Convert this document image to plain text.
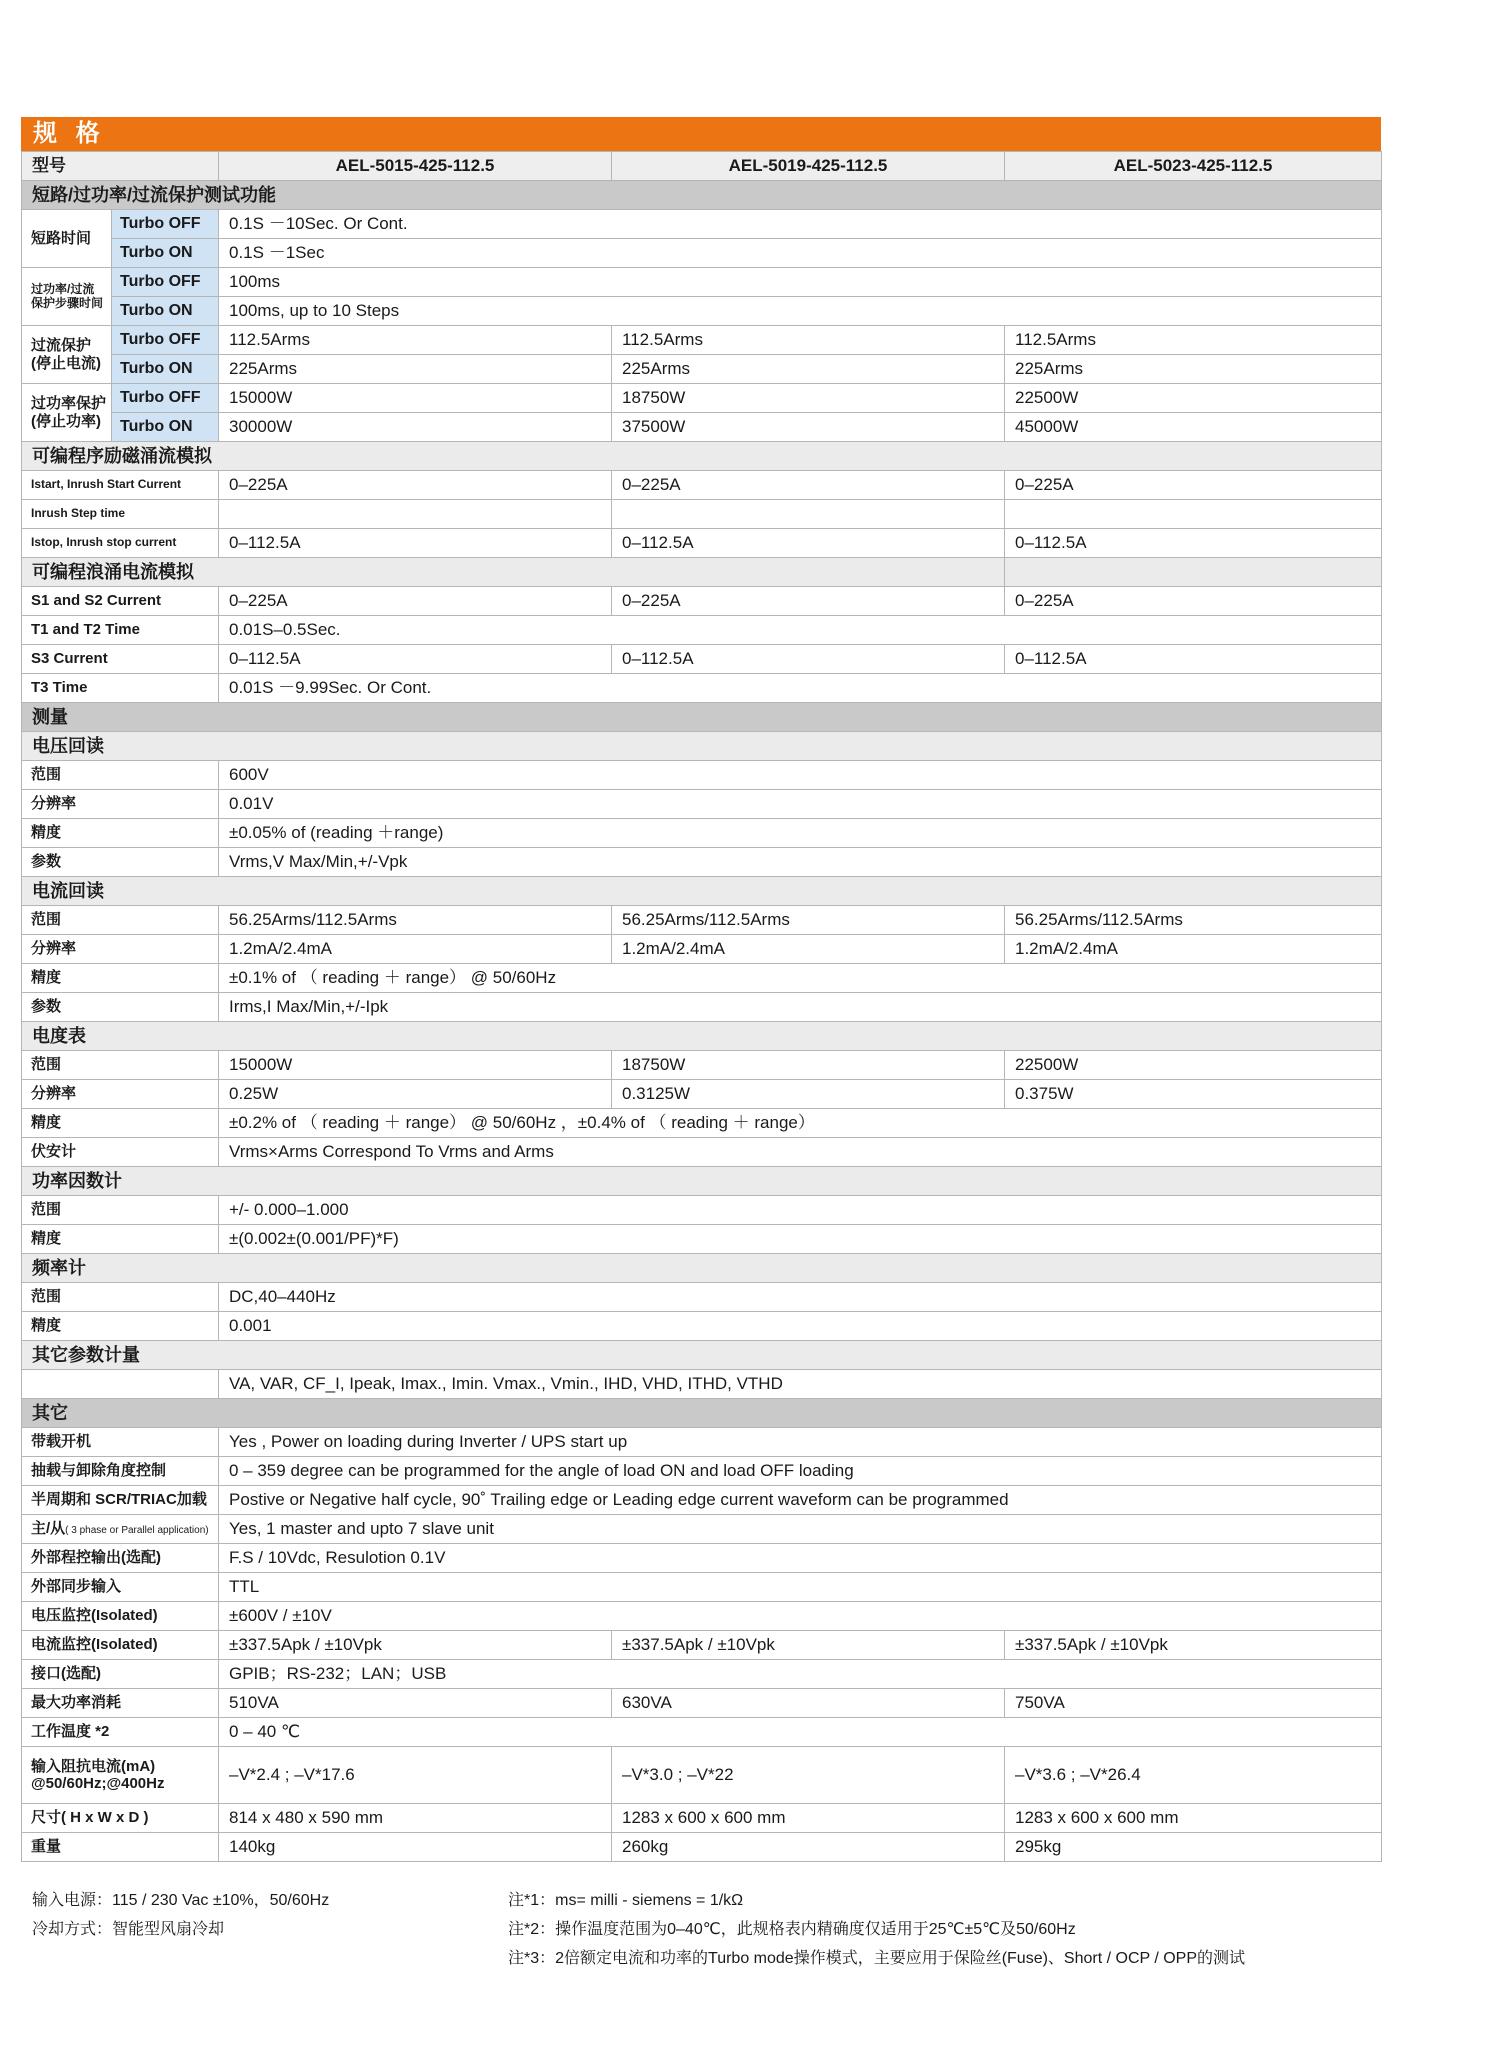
规 格
型号		AEL-5015-425-112.5	AEL-5019-425-112.5	AEL-5023-425-112.5
短路/过功率/过流保护测试功能				
短路时间	Turbo OFF	0.1S －10Sec. Or Cont.		
	Turbo ON	0.1S －1Sec		
过功率/过流
保护步骤时间	Turbo OFF	100ms		
	Turbo ON	100ms, up to 10 Steps		
过流保护
(停止电流)	Turbo OFF	112.5Arms	112.5Arms	112.5Arms
	Turbo ON	225Arms	225Arms	225Arms
过功率保护
(停止功率)	Turbo OFF	15000W	18750W	22500W
	Turbo ON	30000W	37500W	45000W
可编程序励磁涌流模拟				
Istart, Inrush Start Current		0–225A	0–225A	0–225A
Inrush Step time				
Istop, Inrush stop current		0–112.5A	0–112.5A	0–112.5A
可编程浪涌电流模拟				
S1 and S2 Current		0–225A	0–225A	0–225A
T1 and T2 Time		0.01S–0.5Sec.		
S3 Current		0–112.5A	0–112.5A	0–112.5A
T3 Time		0.01S －9.99Sec. Or Cont.		
测量				
电压回读				
范围		600V		
分辨率		0.01V		
精度		±0.05% of (reading ＋range)		
参数		Vrms,V Max/Min,+/-Vpk		
电流回读				
范围		56.25Arms/112.5Arms	56.25Arms/112.5Arms	56.25Arms/112.5Arms
分辨率		1.2mA/2.4mA	1.2mA/2.4mA	1.2mA/2.4mA
精度		±0.1% of （ reading ＋ range） @ 50/60Hz		
参数		Irms,I Max/Min,+/-Ipk		
电度表				
范围		15000W	18750W	22500W
分辨率		0.25W	0.3125W	0.375W
精度		±0.2% of （ reading ＋ range） @ 50/60Hz ，±0.4% of （ reading ＋ range）		
伏安计		Vrms×Arms Correspond To Vrms and Arms		
功率因数计				
范围		+/- 0.000–1.000		
精度		±(0.002±(0.001/PF)*F)		
频率计				
范围		DC,40–440Hz		
精度		0.001		
其它参数计量				
		VA, VAR, CF_I, Ipeak, Imax., Imin. Vmax., Vmin., IHD, VHD, ITHD, VTHD		
其它				
带载开机		Yes , Power on loading during Inverter / UPS start up		
抽载与卸除角度控制		0 – 359 degree can be programmed for the angle of load ON and load OFF loading		
半周期和 SCR/TRIAC加载		Postive or Negative half cycle, 90˚ Trailing edge or Leading edge current waveform can be programmed		
主/从( 3 phase or Parallel application)		Yes, 1 master and upto 7 slave unit		
外部程控输出(选配)		F.S / 10Vdc, Resulotion 0.1V		
外部同步输入		TTL		
电压监控(Isolated)		±600V / ±10V		
电流监控(Isolated)		±337.5Apk / ±10Vpk	±337.5Apk / ±10Vpk	±337.5Apk / ±10Vpk
接口(选配)		GPIB；RS-232；LAN；USB		
最大功率消耗		510VA	630VA	750VA
工作温度 *2		0 – 40 ℃		
输入阻抗电流(mA)
@50/60Hz;@400Hz		–V*2.4 ; –V*17.6	–V*3.0 ; –V*22	–V*3.6 ; –V*26.4
尺寸( H x W x D )		814 x 480 x 590 mm	1283 x 600 x 600 mm	1283 x 600 x 600 mm
重量		140kg	260kg	295kg
输入电源：115 / 230 Vac ±10%，50/60Hz
冷却方式：智能型风扇冷却
注*1：ms= milli - siemens = 1/kΩ
注*2：操作温度范围为0–40℃，此规格表内精确度仅适用于25℃±5℃及50/60Hz
注*3：2倍额定电流和功率的Turbo mode操作模式，主要应用于保险丝(Fuse)、Short / OCP / OPP的测试
